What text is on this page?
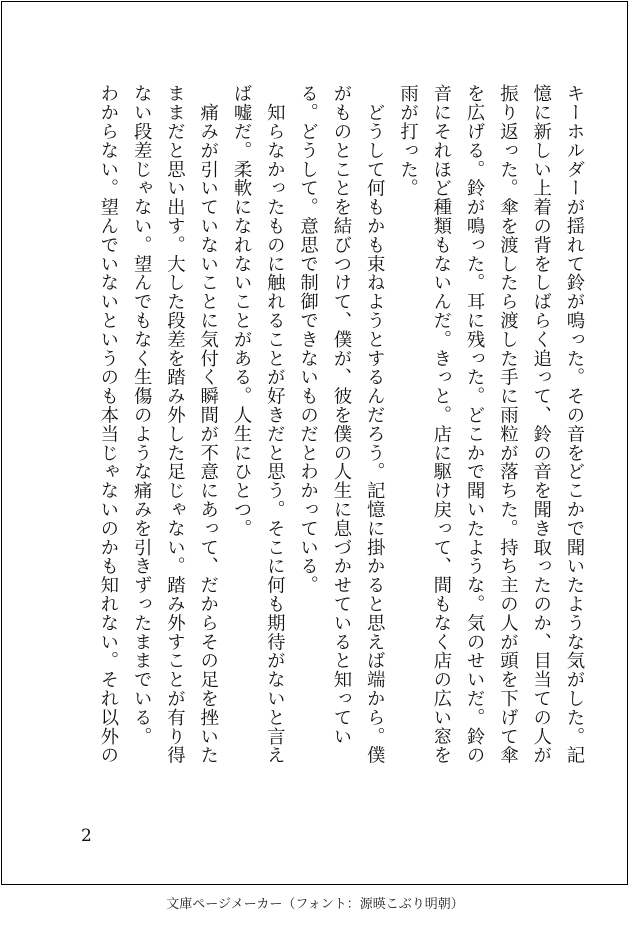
キーホルダーが揺れて鈴が鳴った。その音をどこかで聞いたような気がした。記
憶に新しい上着の背をしばらく追って、鈴の音を聞き取ったのか、目当ての人が
振り返った。傘を渡したら渡した手に雨粒が落ちた。持ち主の人が頭を下げて傘
を広げる。鈴が鳴った。耳に残った。どこかで聞いたような。気のせいだ。鈴の
音にそれほど種類もないんだ。きっと。店に駆け戻って、間もなく店の広い窓を
雨が打った。
　どうして何もかも束ねようとするんだろう。記憶に掛かると思えば端から。僕
がものとことを結びつけて、僕が、彼を僕の人生に息づかせていると知ってい
る。どうして。意思で制御できないものだとわかっている。
　知らなかったものに触れることが好きだと思う。そこに何も期待がないと言え
ば嘘だ。柔軟になれないことがある。人生にひとつ。
　痛みが引いていないことに気付く瞬間が不意にあって、だからその足を挫いた
ままだと思い出す。大した段差を踏み外した足じゃない。踏み外すことが有り得
ない段差じゃない。望んでもなく生傷のような痛みを引きずったままでいる。
わからない。望んでいないというのも本当じゃないのかも知れない。それ以外の
2
文庫ページメーカー（フォント：源暎こぶり明朝）
